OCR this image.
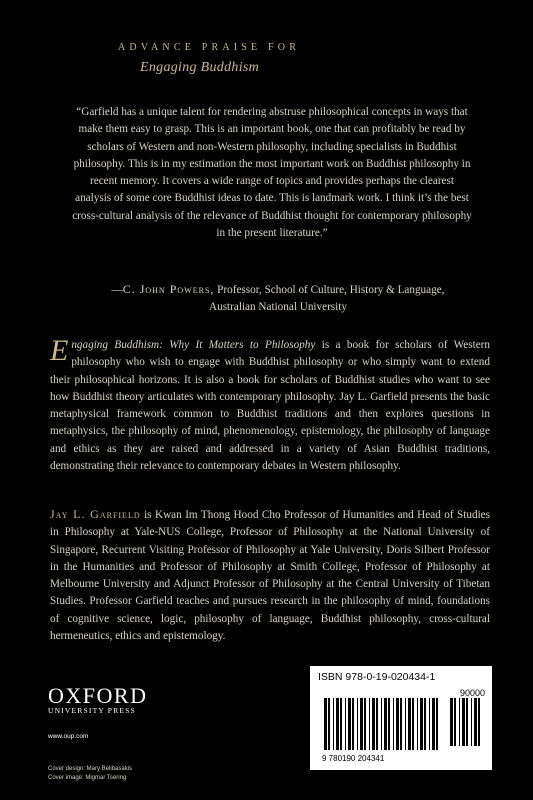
ADVANCE PRAISE FOR
Engaging Buddhism
“Garfield has a unique talent for rendering abstruse philosophical concepts in ways that make them easy to grasp. This is an important book, one that can profitably be read by scholars of Western and non-Western philosophy, including specialists in Buddhist philosophy. This is in my estimation the most important work on Buddhist philosophy in recent memory. It covers a wide range of topics and provides perhaps the clearest analysis of some core Buddhist ideas to date. This is landmark work. I think it’s the best cross-cultural analysis of the relevance of Buddhist thought for contemporary philosophy in the present literature.”
—C. John Powers, Professor, School of Culture, History & Language, Australian National University
Engaging Buddhism: Why It Matters to Philosophy is a book for scholars of Western philosophy who wish to engage with Buddhist philosophy or who simply want to extend their philosophical horizons. It is also a book for scholars of Buddhist studies who want to see how Buddhist theory articulates with contemporary philosophy. Jay L. Garfield presents the basic metaphysical framework common to Buddhist traditions and then explores questions in metaphysics, the philosophy of mind, phenomenology, epistemology, the philosophy of language and ethics as they are raised and addressed in a variety of Asian Buddhist traditions, demonstrating their relevance to contemporary debates in Western philosophy.
Jay L. Garfield is Kwan Im Thong Hood Cho Professor of Humanities and Head of Studies in Philosophy at Yale-NUS College, Professor of Philosophy at the National University of Singapore, Recurrent Visiting Professor of Philosophy at Yale University, Doris Silbert Professor in the Humanities and Professor of Philosophy at Smith College, Professor of Philosophy at Melbourne University and Adjunct Professor of Philosophy at the Central University of Tibetan Studies. Professor Garfield teaches and pursues research in the philosophy of mind, foundations of cognitive science, logic, philosophy of language, Buddhist philosophy, cross-cultural hermeneutics, ethics and epistemology.
OXFORD
UNIVERSITY PRESS
www.oup.com
Cover design: Mary Belibasakis
Cover image: Migmar Tsering
ISBN 978-0-19-020434-1
90000
9 780190 204341
